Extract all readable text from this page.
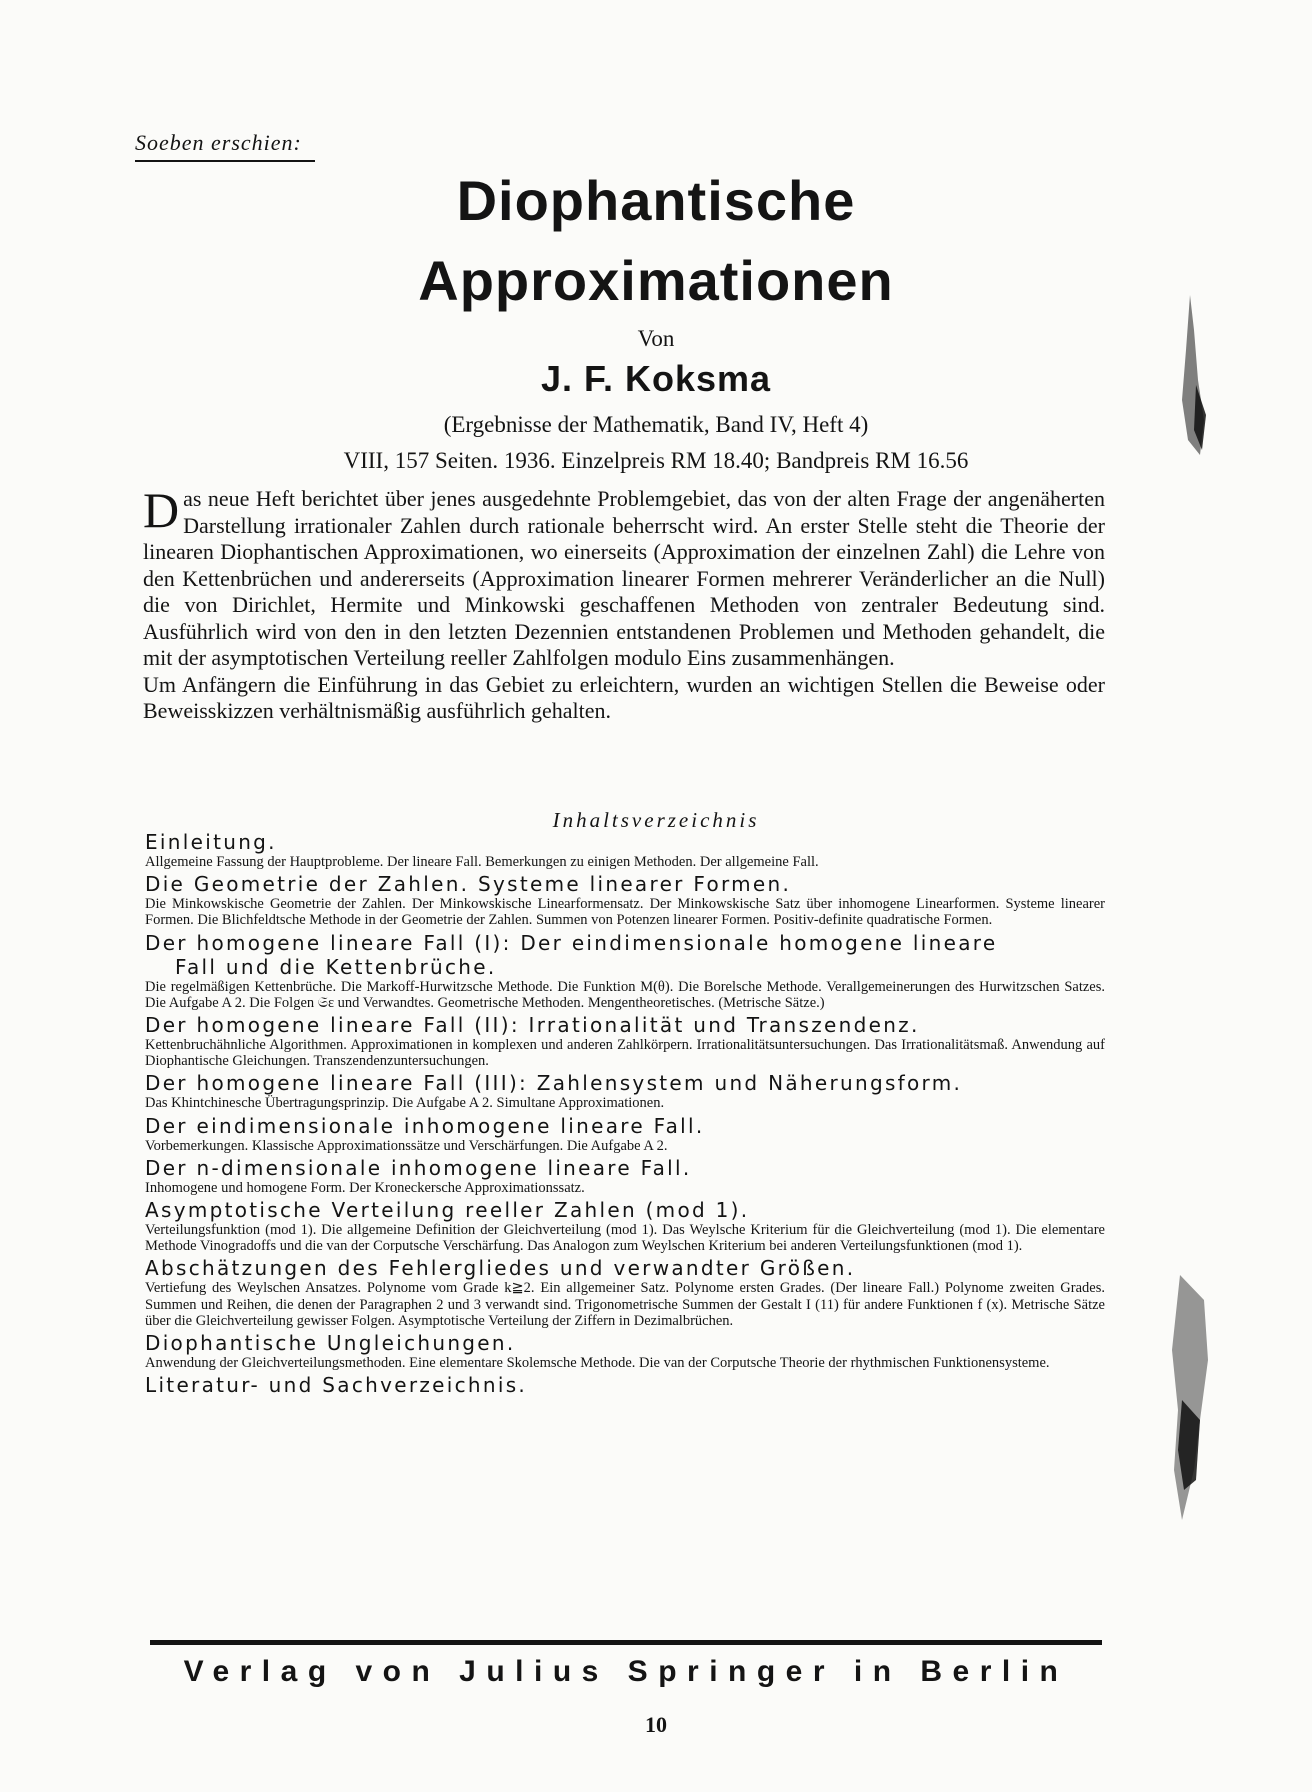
Soeben erschien:
Diophantische
Approximationen
Von
J. F. Koksma
(Ergebnisse der Mathematik, Band IV, Heft 4)
VIII, 157 Seiten. 1936. Einzelpreis RM 18.40; Bandpreis RM 16.56

Das neue Heft berichtet über jenes ausgedehnte Problemgebiet, das von der alten Frage der angenäherten Darstellung irrationaler Zahlen durch rationale beherrscht wird. An erster Stelle steht die Theorie der linearen Diophantischen Approximationen, wo einerseits (Approximation der einzelnen Zahl) die Lehre von den Kettenbrüchen und andererseits (Approximation linearer Formen mehrerer Veränderlicher an die Null) die von Dirichlet, Hermite und Minkowski geschaffenen Methoden von zentraler Bedeutung sind. Ausführlich wird von den in den letzten Dezennien entstandenen Problemen und Methoden gehandelt, die mit der asymptotischen Verteilung reeller Zahlfolgen modulo Eins zusammenhängen.

Um Anfängern die Einführung in das Gebiet zu erleichtern, wurden an wichtigen Stellen die Beweise oder Beweisskizzen verhältnismäßig ausführlich gehalten.

Inhaltsverzeichnis
Einleitung.
Allgemeine Fassung der Hauptprobleme. Der lineare Fall. Bemerkungen zu einigen Methoden. Der allgemeine Fall.
Die Geometrie der Zahlen. Systeme linearer Formen.
Die Minkowskische Geometrie der Zahlen. Der Minkowskische Linearformensatz. Der Minkowskische Satz über inhomogene Linearformen. Systeme linearer Formen. Die Blichfeldtsche Methode in der Geometrie der Zahlen. Summen von Potenzen linearer Formen. Positiv-definite quadratische Formen.
Der homogene lineare Fall (I): Der eindimensionale homogene lineare
Fall und die Kettenbrüche.
Die regelmäßigen Kettenbrüche. Die Markoff-Hurwitzsche Methode. Die Funktion M(θ). Die Borelsche Methode. Verallgemeinerungen des Hurwitzschen Satzes. Die Aufgabe A 2. Die Folgen 𝔖ε und Verwandtes. Geometrische Methoden. Mengentheoretisches. (Metrische Sätze.)
Der homogene lineare Fall (II): Irrationalität und Transzendenz.
Kettenbruchähnliche Algorithmen. Approximationen in komplexen und anderen Zahlkörpern. Irrationalitätsuntersuchungen. Das Irrationalitätsmaß. Anwendung auf Diophantische Gleichungen. Transzendenzuntersuchungen.
Der homogene lineare Fall (III): Zahlensystem und Näherungsform.
Das Khintchinesche Übertragungsprinzip. Die Aufgabe A 2. Simultane Approximationen.
Der eindimensionale inhomogene lineare Fall.
Vorbemerkungen. Klassische Approximationssätze und Verschärfungen. Die Aufgabe A 2.
Der n-dimensionale inhomogene lineare Fall.
Inhomogene und homogene Form. Der Kroneckersche Approximationssatz.
Asymptotische Verteilung reeller Zahlen (mod 1).
Verteilungsfunktion (mod 1). Die allgemeine Definition der Gleichverteilung (mod 1). Das Weylsche Kriterium für die Gleichverteilung (mod 1). Die elementare Methode Vinogradoffs und die van der Corputsche Verschärfung. Das Analogon zum Weylschen Kriterium bei anderen Verteilungsfunktionen (mod 1).
Abschätzungen des Fehlergliedes und verwandter Größen.
Vertiefung des Weylschen Ansatzes. Polynome vom Grade k≧2. Ein allgemeiner Satz. Polynome ersten Grades. (Der lineare Fall.) Polynome zweiten Grades. Summen und Reihen, die denen der Paragraphen 2 und 3 verwandt sind. Trigonometrische Summen der Gestalt I (11) für andere Funktionen f (x). Metrische Sätze über die Gleichverteilung gewisser Folgen. Asymptotische Verteilung der Ziffern in Dezimalbrüchen.
Diophantische Ungleichungen.
Anwendung der Gleichverteilungsmethoden. Eine elementare Skolemsche Methode. Die van der Corputsche Theorie der rhythmischen Funktionensysteme.
Literatur- und Sachverzeichnis.
Verlag von Julius Springer in Berlin
10
